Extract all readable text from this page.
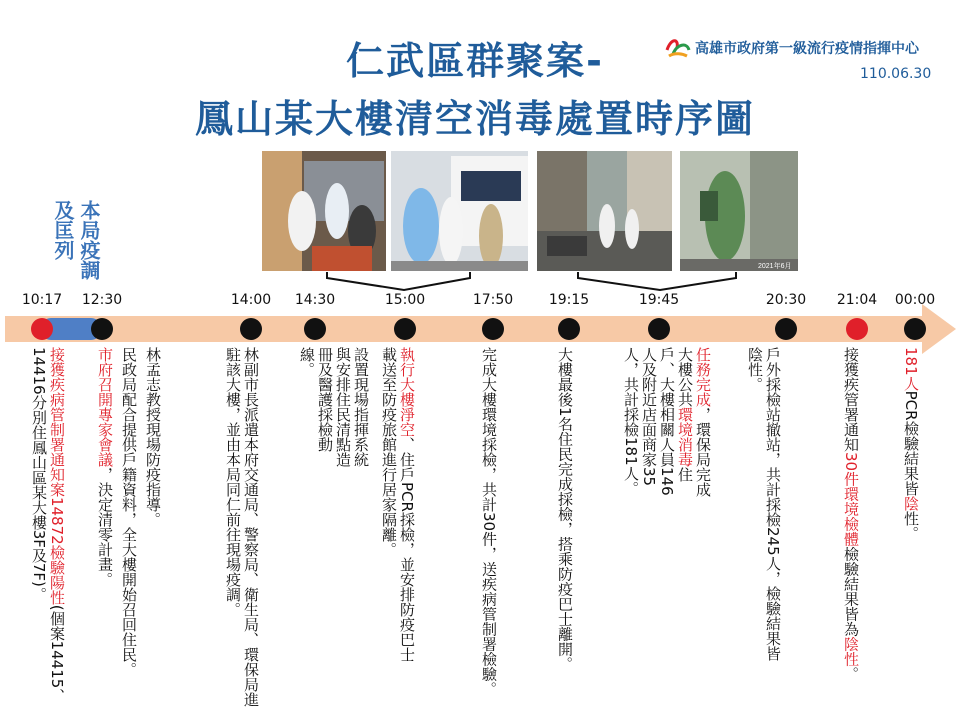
仁武區群聚案-
鳳山某大樓清空消毒處置時序圖
高雄市政府第一級流行疫情指揮中心
110.06.30
2021年6月
及匡列 本局疫調
10:17
接獲疾病管制署通知案14872檢驗陽性(個案14415、14416分別住鳳山區某大樓3F及7F)。
12:30
市府召開專家會議，決定清零計畫。 民政局配合提供戶籍資料，全大樓開始召回住民。 林孟志教授現場防疫指導。
14:00
林副市長派遣本府交通局、警察局、衛生局、環保局進駐該大樓，並由本局同仁前往現場疫調。
14:30
設置現場指揮系統與安排住民清點造冊及醫護採檢動線。
15:00
執行大樓淨空、住戶PCR採檢，並安排防疫巴士載送至防疫旅館進行居家隔離。
17:50
完成大樓環境採檢，共計30件，送疾病管制署檢驗。
19:15
大樓最後1名住民完成採檢，搭乘防疫巴士離開。
19:45
任務完成，環保局完成大樓公共環境消毒住戶、大樓相關人員146人及附近店面商家35人，共計採檢181人。
20:30
戶外採檢站撤站，共計採檢245人，檢驗結果皆陰性。
21:04
接獲疾管署通知30件環境檢體檢驗結果皆為陰性。
00:00
181人PCR檢驗結果皆陰性。
